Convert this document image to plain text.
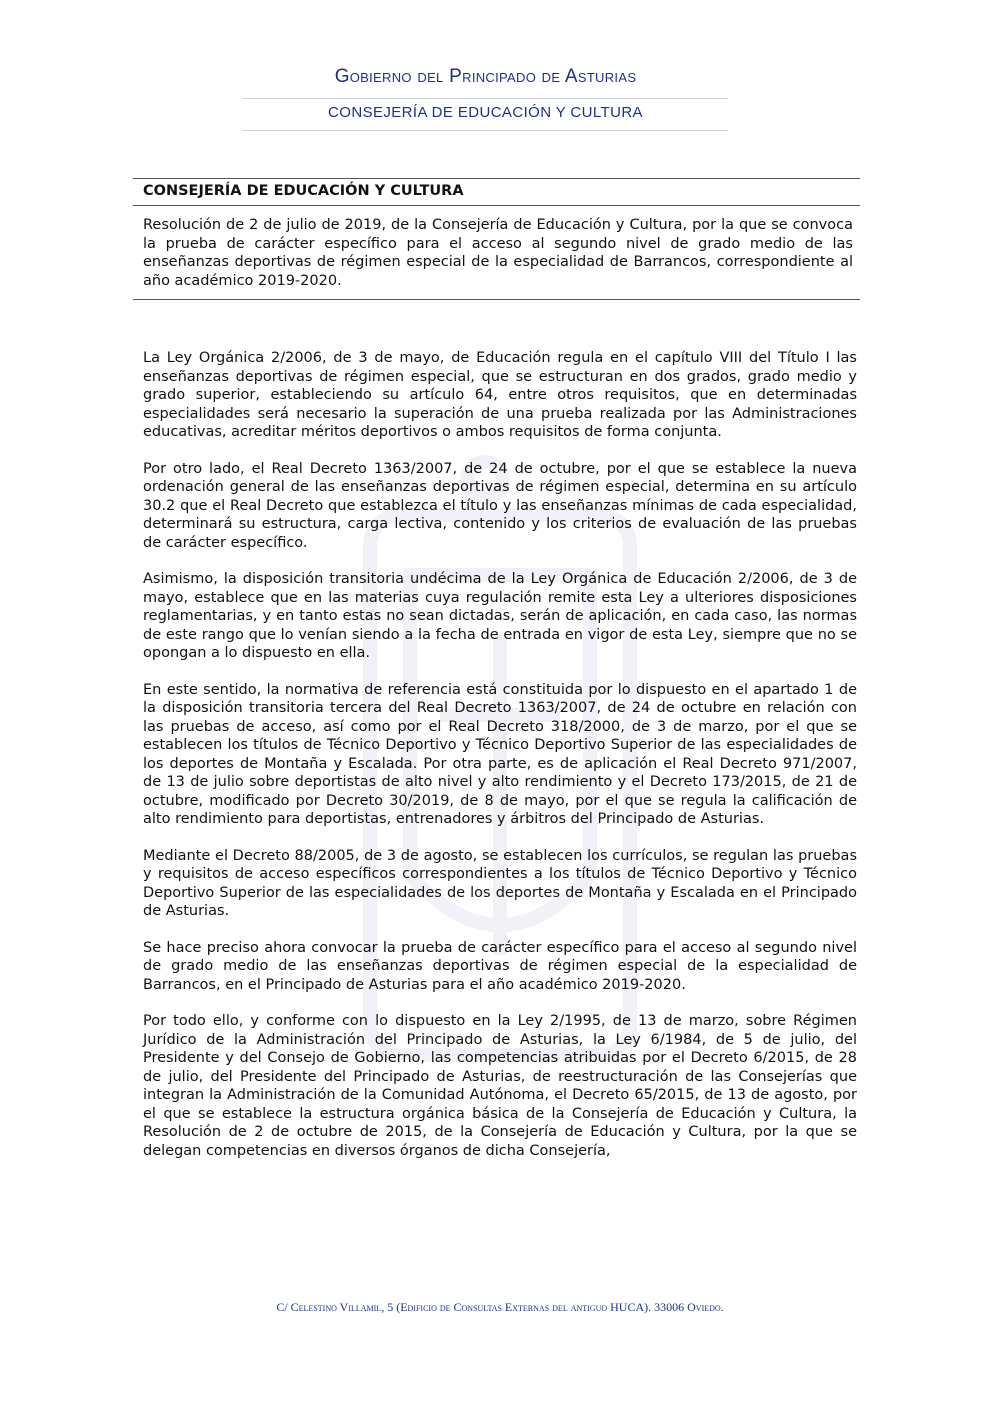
Gobierno del Principado de Asturias
CONSEJERÍA DE EDUCACIÓN Y CULTURA
CONSEJERÍA DE EDUCACIÓN Y CULTURA
Resolución de 2 de julio de 2019, de la Consejería de Educación y Cultura, por la que se convoca la prueba de carácter específico para el acceso al segundo nivel de grado medio de las enseñanzas deportivas de régimen especial de la especialidad de Barrancos, correspondiente al año académico 2019-2020.

La Ley Orgánica 2/2006, de 3 de mayo, de Educación regula en el capítulo VIII del Título I las enseñanzas deportivas de régimen especial, que se estructuran en dos grados, grado medio y grado superior, estableciendo su artículo 64, entre otros requisitos, que en determinadas especialidades será necesario la superación de una prueba realizada por las Administraciones educativas, acreditar méritos deportivos o ambos requisitos de forma conjunta.

Por otro lado, el Real Decreto 1363/2007, de 24 de octubre, por el que se establece la nueva ordenación general de las enseñanzas deportivas de régimen especial, determina en su artículo 30.2 que el Real Decreto que establezca el título y las enseñanzas mínimas de cada especialidad, determinará su estructura, carga lectiva, contenido y los criterios de evaluación de las pruebas de carácter específico.

Asimismo, la disposición transitoria undécima de la Ley Orgánica de Educación 2/2006, de 3 de mayo, establece que en las materias cuya regulación remite esta Ley a ulteriores disposiciones reglamentarias, y en tanto estas no sean dictadas, serán de aplicación, en cada caso, las normas de este rango que lo venían siendo a la fecha de entrada en vigor de esta Ley, siempre que no se opongan a lo dispuesto en ella.

En este sentido, la normativa de referencia está constituida por lo dispuesto en el apartado 1 de la disposición transitoria tercera del Real Decreto 1363/2007, de 24 de octubre en relación con las pruebas de acceso, así como por el Real Decreto 318/2000, de 3 de marzo, por el que se establecen los títulos de Técnico Deportivo y Técnico Deportivo Superior de las especialidades de los deportes de Montaña y Escalada. Por otra parte, es de aplicación el Real Decreto 971/2007, de 13 de julio sobre deportistas de alto nivel y alto rendimiento y el Decreto 173/2015, de 21 de octubre, modificado por Decreto 30/2019, de 8 de mayo, por el que se regula la calificación de alto rendimiento para deportistas, entrenadores y árbitros del Principado de Asturias.

Mediante el Decreto 88/2005, de 3 de agosto, se establecen los currículos, se regulan las pruebas y requisitos de acceso específicos correspondientes a los títulos de Técnico Deportivo y Técnico Deportivo Superior de las especialidades de los deportes de Montaña y Escalada en el Principado de Asturias.

Se hace preciso ahora convocar la prueba de carácter específico para el acceso al segundo nivel de grado medio de las enseñanzas deportivas de régimen especial de la especialidad de Barrancos, en el Principado de Asturias para el año académico 2019-2020.

Por todo ello, y conforme con lo dispuesto en la Ley 2/1995, de 13 de marzo, sobre Régimen Jurídico de la Administración del Principado de Asturias, la Ley 6/1984, de 5 de julio, del Presidente y del Consejo de Gobierno, las competencias atribuidas por el Decreto 6/2015, de 28 de julio, del Presidente del Principado de Asturias, de reestructuración de las Consejerías que integran la Administración de la Comunidad Autónoma, el Decreto 65/2015, de 13 de agosto, por el que se establece la estructura orgánica básica de la Consejería de Educación y Cultura, la Resolución de 2 de octubre de 2015, de la Consejería de Educación y Cultura, por la que se delegan competencias en diversos órganos de dicha Consejería,

C/ Celestino Villamil, 5 (Edificio de Consultas Externas del antiguo HUCA). 33006 Oviedo.
